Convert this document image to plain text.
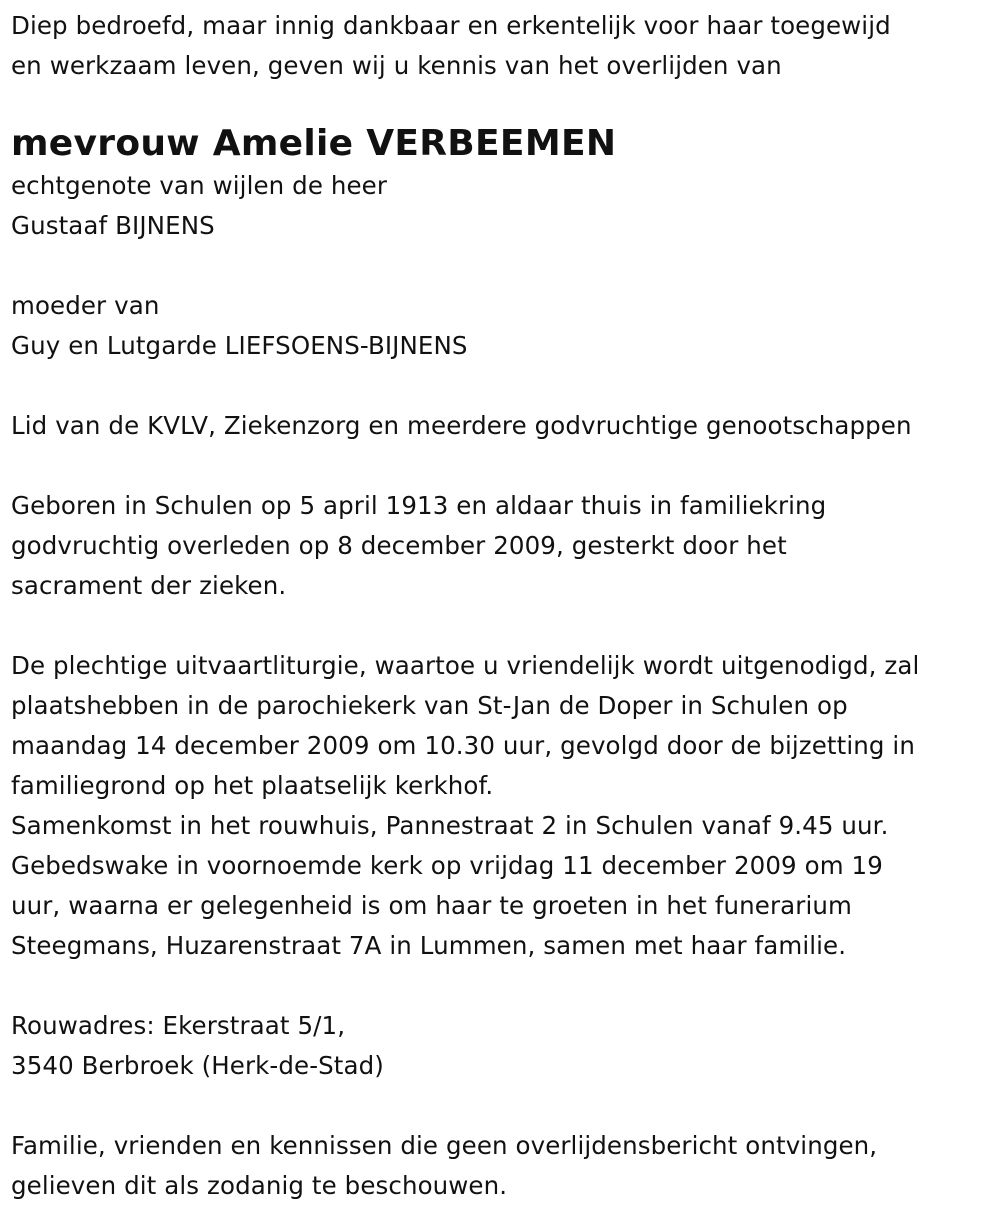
Diep bedroefd, maar innig dankbaar en erkentelijk voor haar toegewijd
en werkzaam leven, geven wij u kennis van het overlijden van
mevrouw Amelie VERBEEMEN
echtgenote van wijlen de heer
Gustaaf BIJNENS
moeder van
Guy en Lutgarde LIEFSOENS-BIJNENS
Lid van de KVLV, Ziekenzorg en meerdere godvruchtige genootschappen
Geboren in Schulen op 5 april 1913 en aldaar thuis in familiekring
godvruchtig overleden op 8 december 2009, gesterkt door het
sacrament der zieken.
De plechtige uitvaartliturgie, waartoe u vriendelijk wordt uitgenodigd, zal
plaatshebben in de parochiekerk van St-Jan de Doper in Schulen op
maandag 14 december 2009 om 10.30 uur, gevolgd door de bijzetting in
familiegrond op het plaatselijk kerkhof.
Samenkomst in het rouwhuis, Pannestraat 2 in Schulen vanaf 9.45 uur.
Gebedswake in voornoemde kerk op vrijdag 11 december 2009 om 19
uur, waarna er gelegenheid is om haar te groeten in het funerarium
Steegmans, Huzarenstraat 7A in Lummen, samen met haar familie.
Rouwadres: Ekerstraat 5/1,
3540 Berbroek (Herk-de-Stad)
Familie, vrienden en kennissen die geen overlijdensbericht ontvingen,
gelieven dit als zodanig te beschouwen.
